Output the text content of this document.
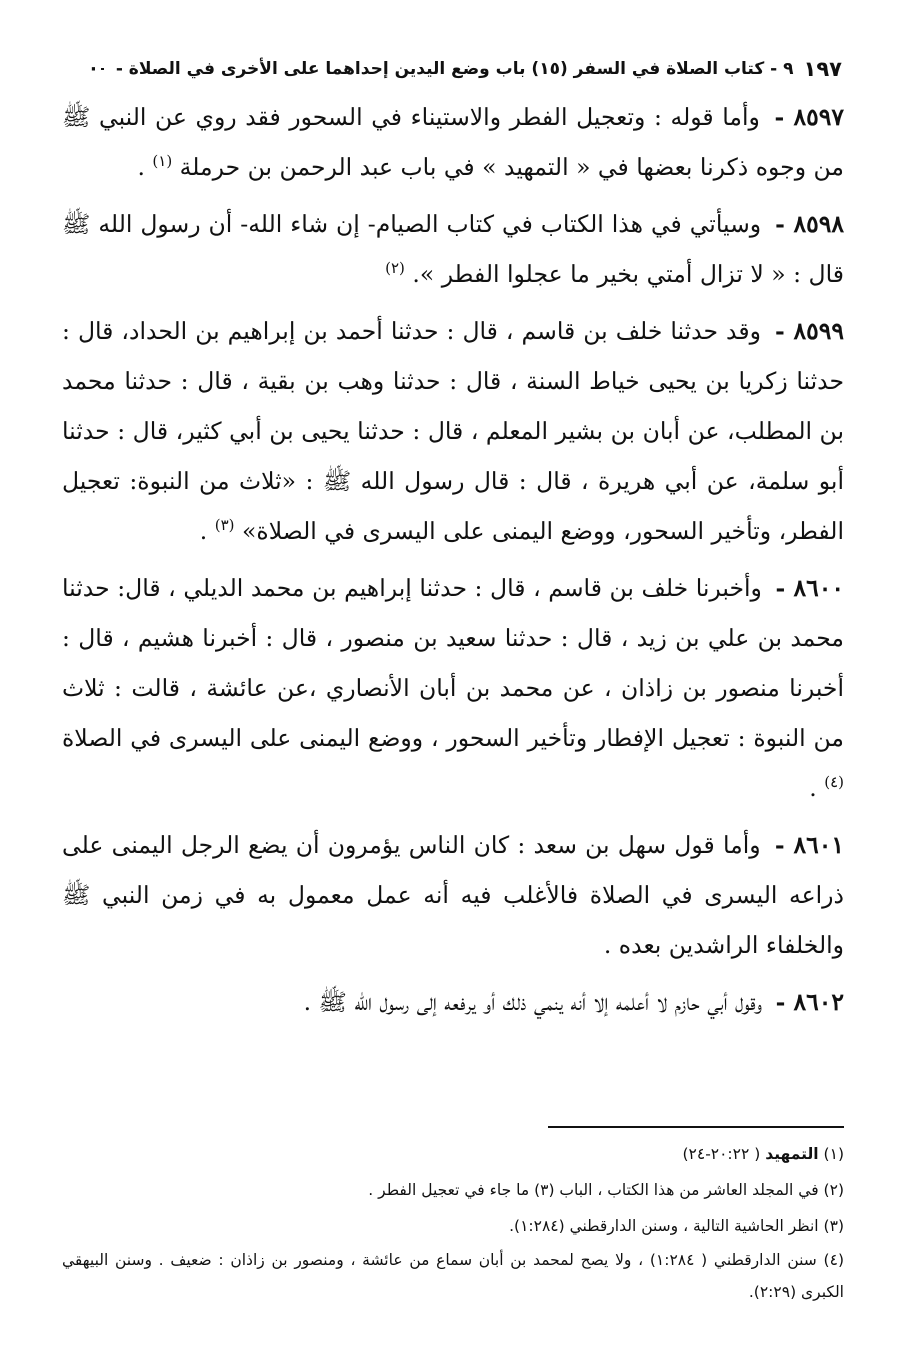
١٩٧
٩ - كتاب الصلاة في السفر (١٥) باب وضع اليدين إحداهما على الأخرى في الصلاة -
·

٨٥٩٧ - وأما قوله : وتعجيل الفطر والاستيناء في السحور فقد روي عن النبي ﷺ من وجوه ذكرنا بعضها في « التمهيد » في باب عبد الرحمن بن حرملة $^{(١)}$ .

٨٥٩٨ - وسيأتي في هذا الكتاب في كتاب الصيام- إن شاء الله- أن رسول الله ﷺ قال : « لا تزال أمتي بخير ما عجلوا الفطر ». $^{(٢)}$

٨٥٩٩ - وقد حدثنا خلف بن قاسم ، قال : حدثنا أحمد بن إبراهيم بن الحداد، قال : حدثنا زكريا بن يحيى خياط السنة ، قال : حدثنا وهب بن بقية ، قال : حدثنا محمد بن المطلب، عن أبان بن بشير المعلم ، قال : حدثنا يحيى بن أبي كثير، قال : حدثنا أبو سلمة، عن أبي هريرة ، قال : قال رسول الله ﷺ : «ثلاث من النبوة: تعجيل الفطر، وتأخير السحور، ووضع اليمنى على اليسرى في الصلاة» $^{(٣)}$ .

٨٦٠٠ - وأخبرنا خلف بن قاسم ، قال : حدثنا إبراهيم بن محمد الديلي ، قال: حدثنا محمد بن علي بن زيد ، قال : حدثنا سعيد بن منصور ، قال : أخبرنا هشيم ، قال : أخبرنا منصور بن زاذان ، عن محمد بن أبان الأنصاري ،عن عائشة ، قالت : ثلاث من النبوة : تعجيل الإفطار وتأخير السحور ، ووضع اليمنى على اليسرى في الصلاة $^{(٤)}$ .

٨٦٠١ - وأما قول سهل بن سعد : كان الناس يؤمرون أن يضع الرجل اليمنى على ذراعه اليسرى في الصلاة فالأغلب فيه أنه عمل معمول به في زمن النبي ﷺ والخلفاء الراشدين بعده .

٨٦٠٢ - وقول أبي حازم لا أعلمه إلا أنه ينمي ذلك أو يرفعه إلى رسول الله ﷺ .

(١) التمهيد ( ٢٠:٢٢-٢٤)

(٢) في المجلد العاشر من هذا الكتاب ، الباب (٣) ما جاء في تعجيل الفطر .

(٣) انظر الحاشية التالية ، وسنن الدارقطني (١:٢٨٤).

(٤) سنن الدارقطني ( ١:٢٨٤) ، ولا يصح لمحمد بن أبان سماع من عائشة ، ومنصور بن زاذان : ضعيف . وسنن البيهقي الكبرى (٢:٢٩).
